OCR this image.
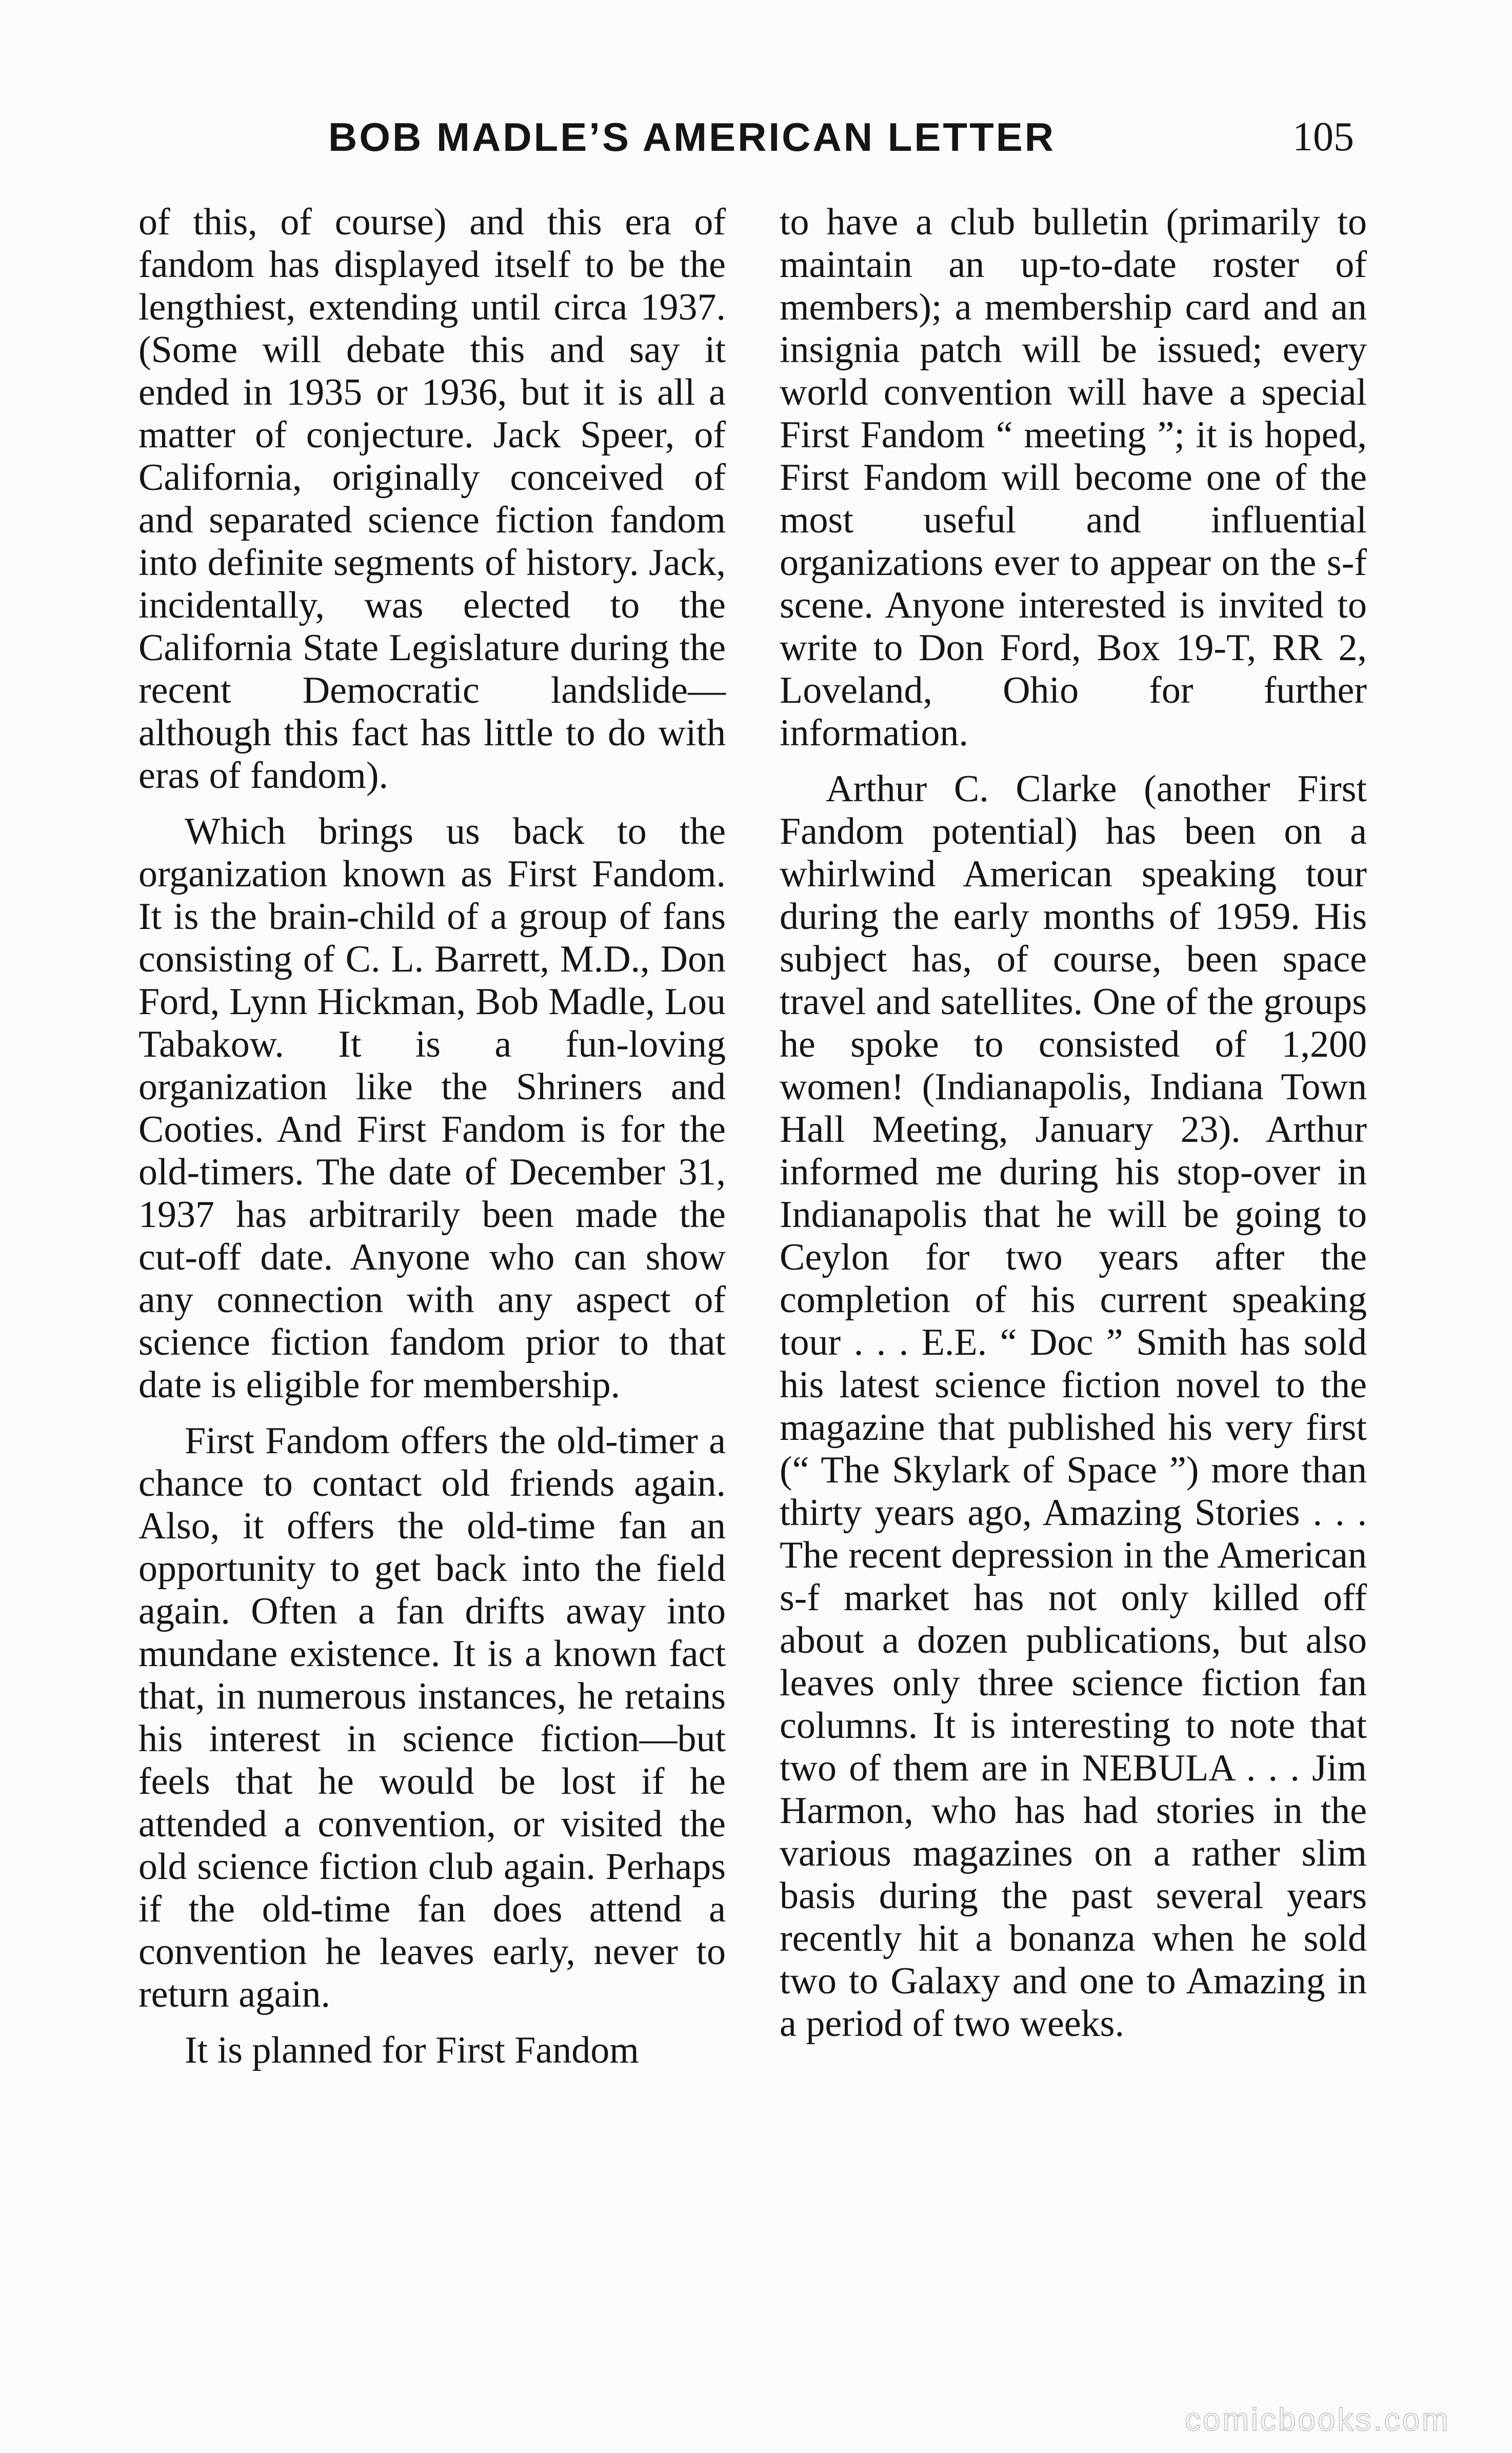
BOB MADLE’S AMERICAN LETTER	105

of this, of course) and this era of fandom has displayed itself to be the lengthiest, extending until circa 1937. (Some will debate this and say it ended in 1935 or 1936, but it is all a matter of conjecture. Jack Speer, of California, originally conceived of and separated science fiction fandom into definite segments of history. Jack, incidentally, was elected to the California State Legislature during the recent Democratic landslide—although this fact has little to do with eras of fandom).

Which brings us back to the organization known as First Fandom. It is the brain-child of a group of fans consisting of C. L. Barrett, M.D., Don Ford, Lynn Hickman, Bob Madle, Lou Tabakow. It is a fun-loving organization like the Shriners and Cooties. And First Fandom is for the old-timers. The date of December 31, 1937 has arbitrarily been made the cut-off date. Anyone who can show any connection with any aspect of science fiction fandom prior to that date is eligible for membership.

First Fandom offers the old-timer a chance to contact old friends again. Also, it offers the old-time fan an opportunity to get back into the field again. Often a fan drifts away into mundane existence. It is a known fact that, in numerous instances, he retains his interest in science fiction—but feels that he would be lost if he attended a convention, or visited the old science fiction club again. Perhaps if the old-time fan does attend a convention he leaves early, never to return again.

It is planned for First Fandom

to have a club bulletin (primarily to maintain an up-to-date roster of members); a membership card and an insignia patch will be issued; every world convention will have a special First Fandom “ meeting ”; it is hoped, First Fandom will become one of the most useful and influential organizations ever to appear on the s-f scene. Anyone interested is invited to write to Don Ford, Box 19-T, RR 2, Loveland, Ohio for further information.

Arthur C. Clarke (another First Fandom potential) has been on a whirlwind American speaking tour during the early months of 1959. His subject has, of course, been space travel and satellites. One of the groups he spoke to consisted of 1,200 women! (Indianapolis, Indiana Town Hall Meeting, January 23). Arthur informed me during his stop-over in Indianapolis that he will be going to Ceylon for two years after the completion of his current speaking tour . . . E.E. “ Doc ” Smith has sold his latest science fiction novel to the magazine that published his very first (“ The Skylark of Space ”) more than thirty years ago, Amazing Stories . . . The recent depression in the American s-f market has not only killed off about a dozen publications, but also leaves only three science fiction fan columns. It is interesting to note that two of them are in NEBULA . . . Jim Harmon, who has had stories in the various magazines on a rather slim basis during the past several years recently hit a bonanza when he sold two to Galaxy and one to Amazing in a period of two weeks.

comicbooks.com
